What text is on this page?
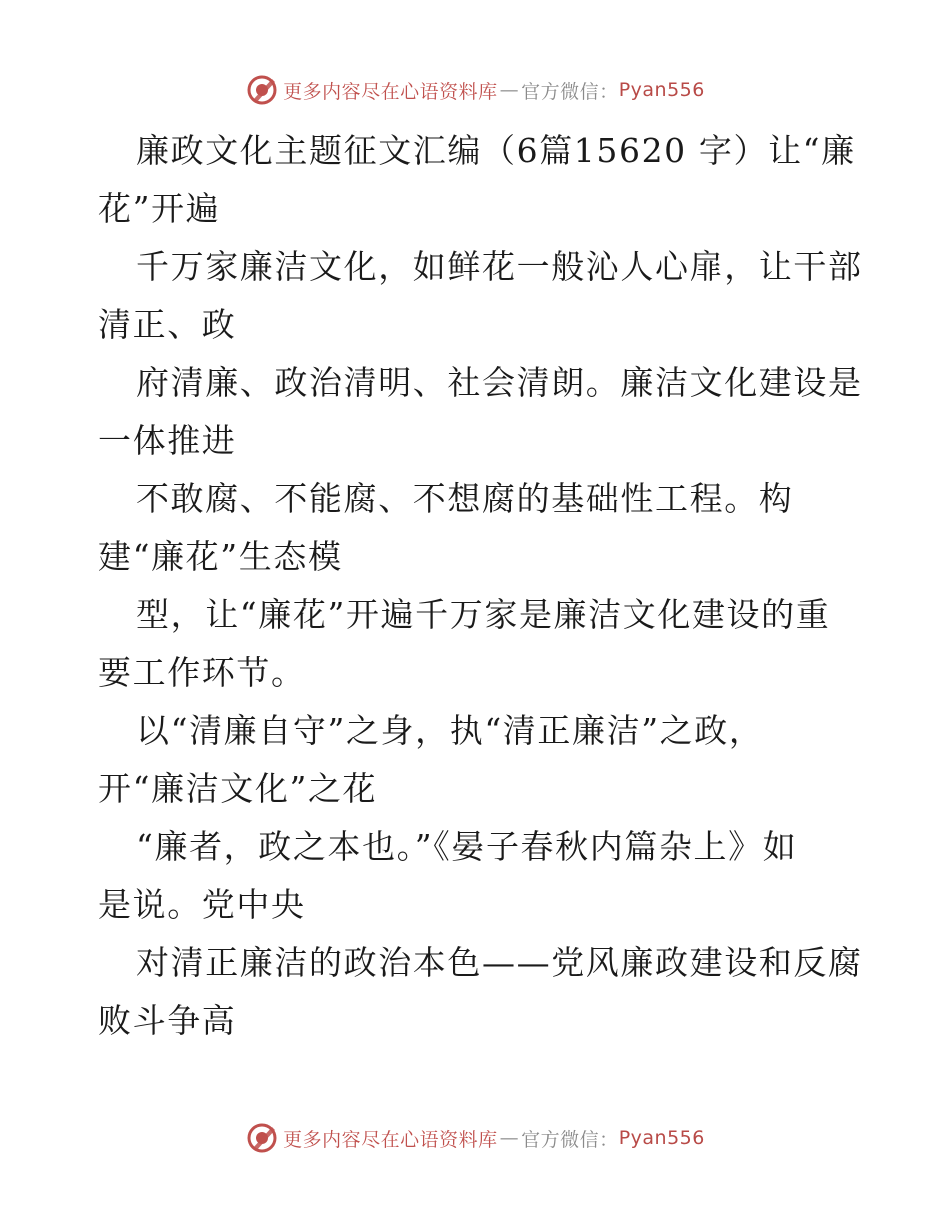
更多内容尽在心语资料库 — 官方微信： Pyan556

廉政文化主题征文汇编（6篇15620 字）让“廉
花”开遍

千万家廉洁文化，如鲜花一般沁人心扉，让干部
清正、政

府清廉、政治清明、社会清朗。廉洁文化建设是
一体推进

不敢腐、不能腐、不想腐的基础性工程。构
建“廉花”生态模

型，让“廉花”开遍千万家是廉洁文化建设的重
要工作环节。

以“清廉自守”之身，执“清正廉洁”之政，
开“廉洁文化”之花

“廉者，政之本也。”《晏子春秋内篇杂上》如
是说。党中央

对清正廉洁的政治本色——党风廉政建设和反腐
败斗争高

更多内容尽在心语资料库 — 官方微信： Pyan556
